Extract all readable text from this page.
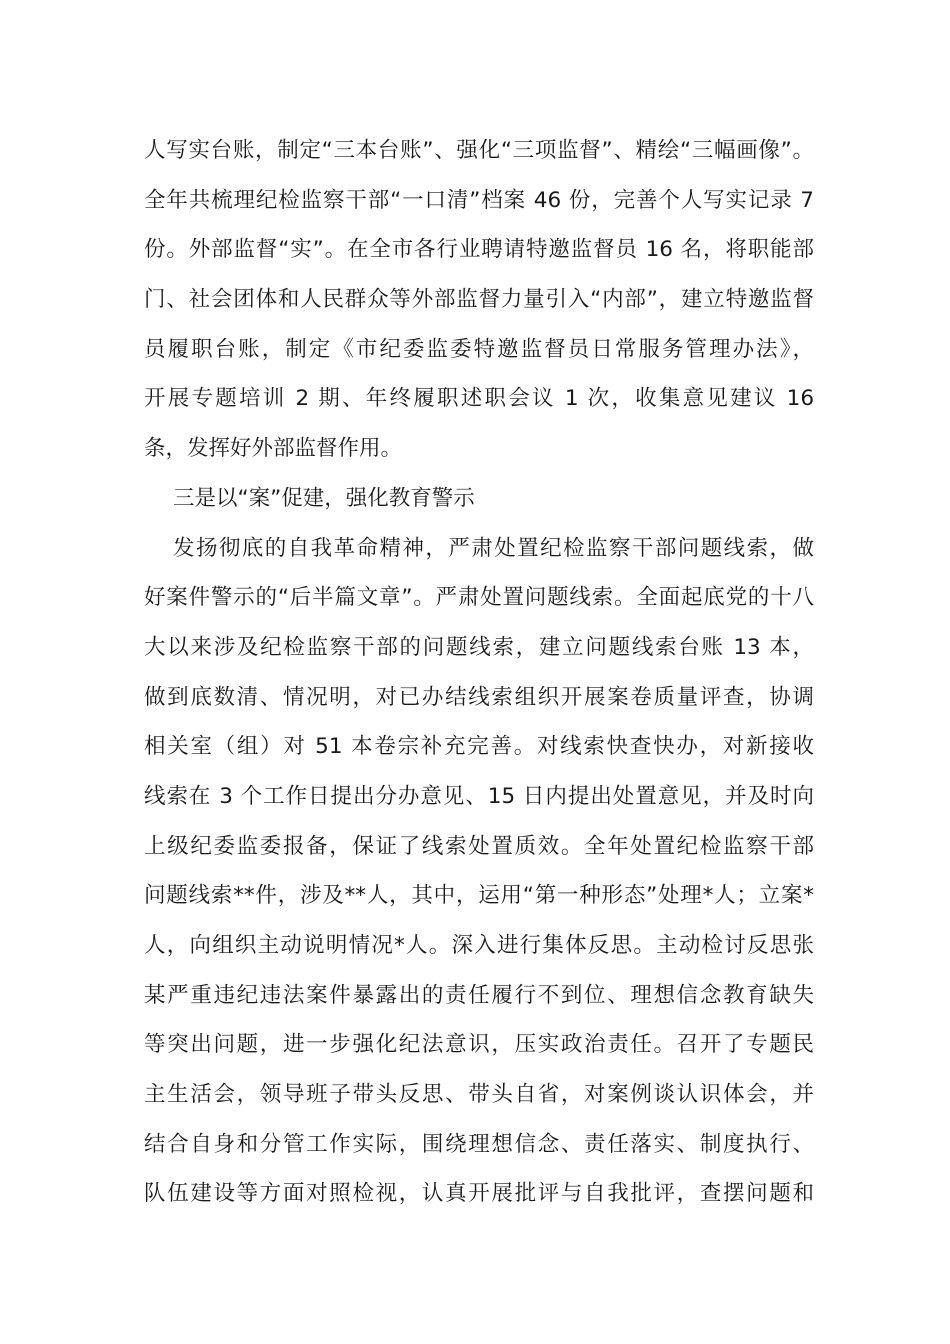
人写实台账，制定“三本台账”、强化“三项监督”、精绘“三幅画像”。
全年共梳理纪检监察干部“一口清”档案 46 份，完善个人写实记录 7
份。外部监督“实”。在全市各行业聘请特邀监督员 16 名，将职能部
门、社会团体和人民群众等外部监督力量引入“内部”，建立特邀监督
员履职台账，制定《市纪委监委特邀监督员日常服务管理办法》，
开展专题培训 2 期、年终履职述职会议 1 次，收集意见建议 16
条，发挥好外部监督作用。
三是以“案”促建，强化教育警示
发扬彻底的自我革命精神，严肃处置纪检监察干部问题线索，做
好案件警示的“后半篇文章”。严肃处置问题线索。全面起底党的十八
大以来涉及纪检监察干部的问题线索，建立问题线索台账 13 本，
做到底数清、情况明，对已办结线索组织开展案卷质量评查，协调
相关室（组）对 51 本卷宗补充完善。对线索快查快办，对新接收
线索在 3 个工作日提出分办意见、15 日内提出处置意见，并及时向
上级纪委监委报备，保证了线索处置质效。全年处置纪检监察干部
问题线索**件，涉及**人，其中，运用“第一种形态”处理*人；立案*
人，向组织主动说明情况*人。深入进行集体反思。主动检讨反思张
某严重违纪违法案件暴露出的责任履行不到位、理想信念教育缺失
等突出问题，进一步强化纪法意识，压实政治责任。召开了专题民
主生活会，领导班子带头反思、带头自省，对案例谈认识体会，并
结合自身和分管工作实际，围绕理想信念、责任落实、制度执行、
队伍建设等方面对照检视，认真开展批评与自我批评，查摆问题和
